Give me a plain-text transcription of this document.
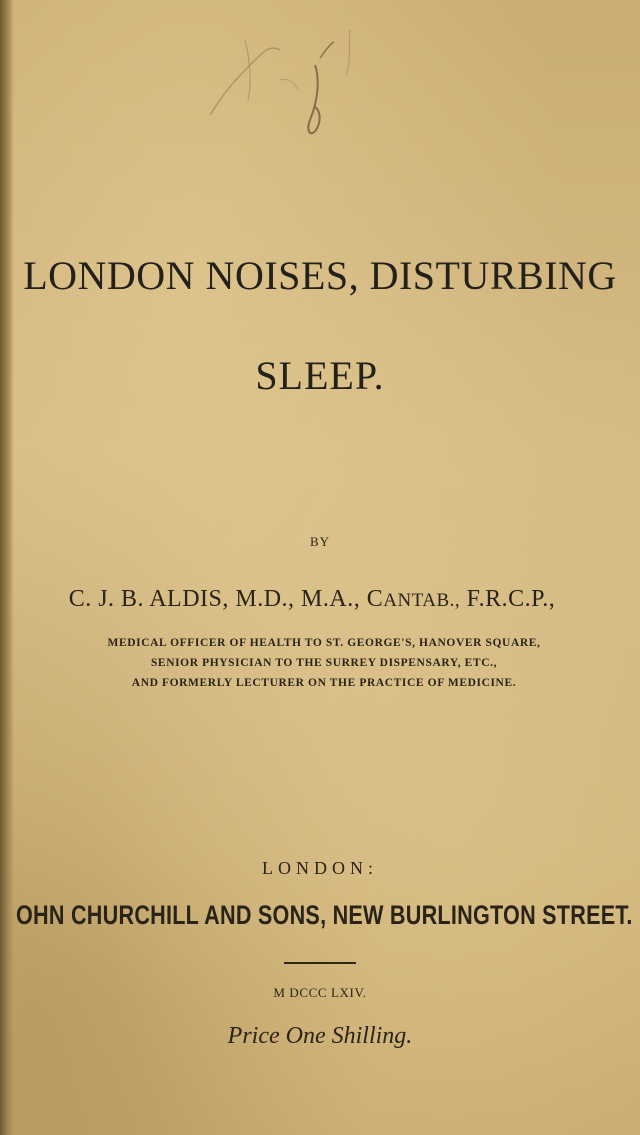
LONDON NOISES, DISTURBING
SLEEP.
BY
C. J. B. ALDIS, M.D., M.A., CANTAB., F.R.C.P.,
MEDICAL OFFICER OF HEALTH TO ST. GEORGE'S, HANOVER SQUARE,
SENIOR PHYSICIAN TO THE SURREY DISPENSARY, ETC.,
AND FORMERLY LECTURER ON THE PRACTICE OF MEDICINE.
LONDON:
OHN CHURCHILL AND SONS, NEW BURLINGTON STREET.
M DCCC LXIV.
Price One Shilling.
